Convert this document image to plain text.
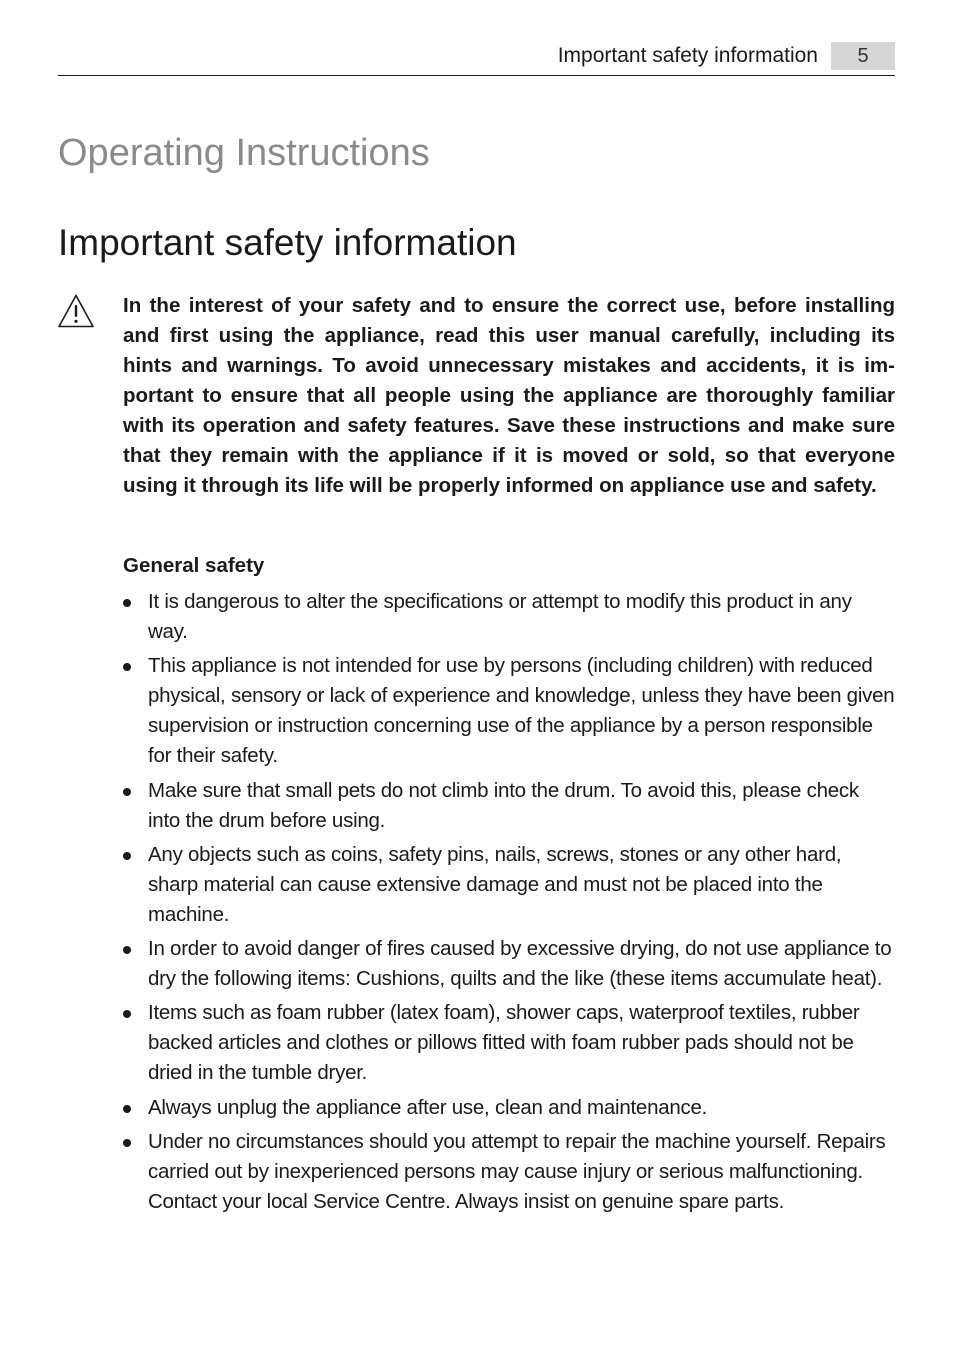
Important safety information	5
Operating Instructions
Important safety information

In the interest of your safety and to ensure the correct use, before installing and first using the appliance, read this user manual carefully, including its hints and warnings. To avoid unnecessary mistakes and accidents, it is important to ensure that all people using the appliance are thoroughly familiar with its operation and safety features. Save these instructions and make sure that they remain with the appliance if it is moved or sold, so that everyone using it through its life will be properly informed on appliance use and safety.

General safety
It is dangerous to alter the specifications or attempt to modify this product in any way.
This appliance is not intended for use by persons (including children) with reduced physical, sensory or lack of experience and knowledge, unless they have been given supervision or instruction concerning use of the appliance by a person responsible for their safety.
Make sure that small pets do not climb into the drum. To avoid this, please check into the drum before using.
Any objects such as coins, safety pins, nails, screws, stones or any other hard, sharp material can cause extensive damage and must not be placed into the machine.
In order to avoid danger of fires caused by excessive drying, do not use appliance to dry the following items: Cushions, quilts and the like (these items accumulate heat).
Items such as foam rubber (latex foam), shower caps, waterproof textiles, rubber backed articles and clothes or pillows fitted with foam rubber pads should not be dried in the tumble dryer.
Always unplug the appliance after use, clean and maintenance.
Under no circumstances should you attempt to repair the machine yourself. Repairs carried out by inexperienced persons may cause injury or serious malfunctioning. Contact your local Service Centre. Always insist on genuine spare parts.
